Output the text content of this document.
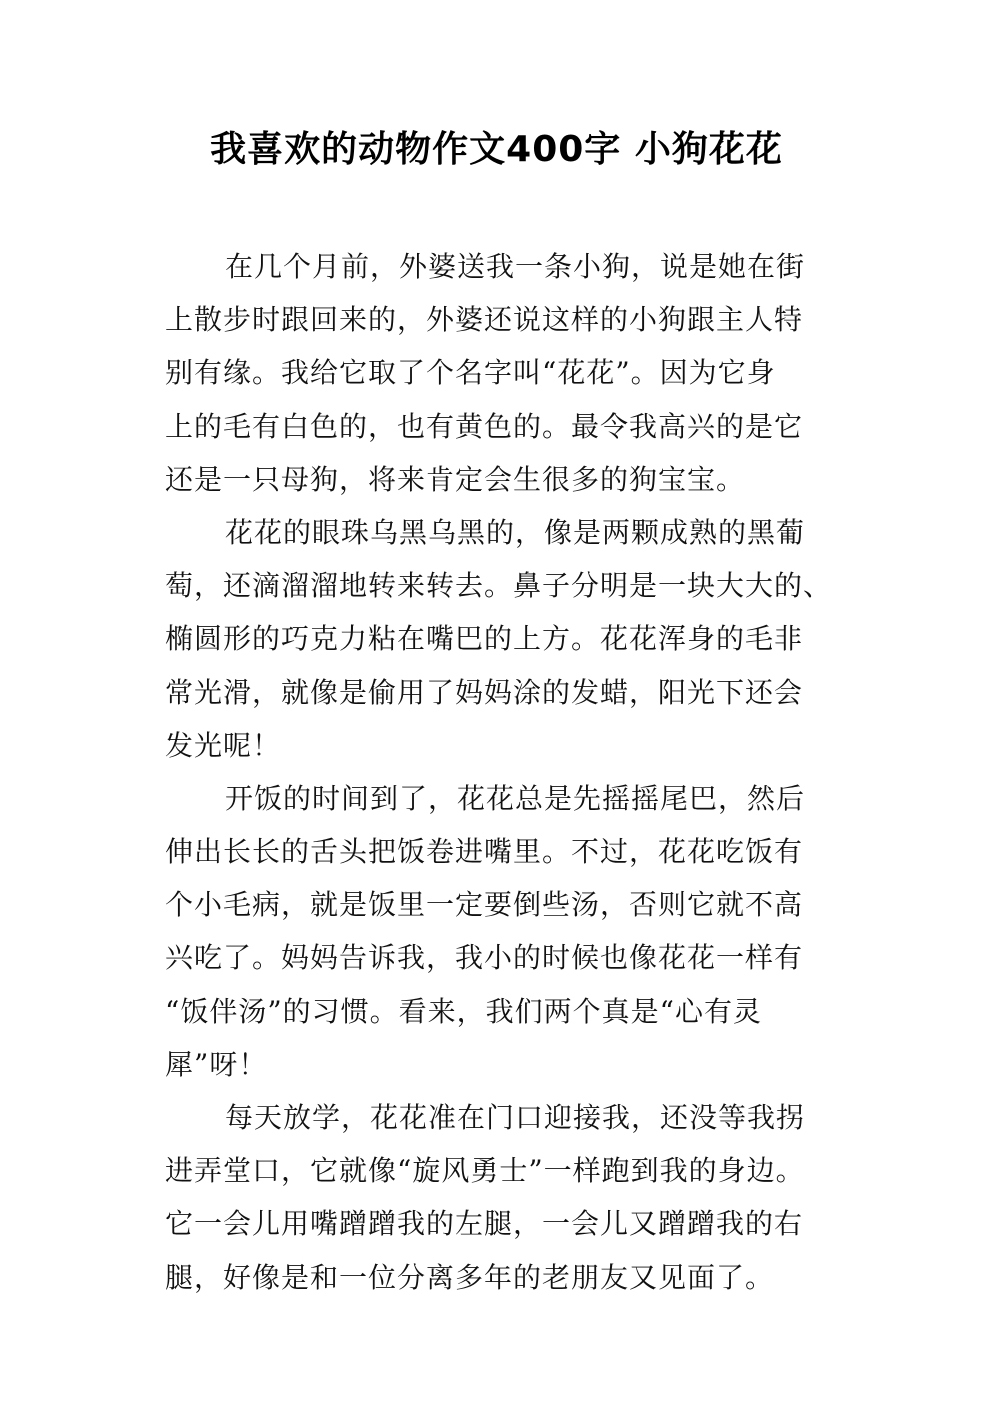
我喜欢的动物作文400字 小狗花花
在几个月前，外婆送我一条小狗，说是她在街
上散步时跟回来的，外婆还说这样的小狗跟主人特
别有缘。我给它取了个名字叫“花花”。因为它身
上的毛有白色的，也有黄色的。最令我高兴的是它
还是一只母狗，将来肯定会生很多的狗宝宝。
花花的眼珠乌黑乌黑的，像是两颗成熟的黑葡
萄，还滴溜溜地转来转去。鼻子分明是一块大大的、
椭圆形的巧克力粘在嘴巴的上方。花花浑身的毛非
常光滑，就像是偷用了妈妈涂的发蜡，阳光下还会
发光呢！
开饭的时间到了，花花总是先摇摇尾巴，然后
伸出长长的舌头把饭卷进嘴里。不过，花花吃饭有
个小毛病，就是饭里一定要倒些汤，否则它就不高
兴吃了。妈妈告诉我，我小的时候也像花花一样有
“饭伴汤”的习惯。看来，我们两个真是“心有灵
犀”呀！
每天放学，花花准在门口迎接我，还没等我拐
进弄堂口，它就像“旋风勇士”一样跑到我的身边。
它一会儿用嘴蹭蹭我的左腿，一会儿又蹭蹭我的右
腿，好像是和一位分离多年的老朋友又见面了。
